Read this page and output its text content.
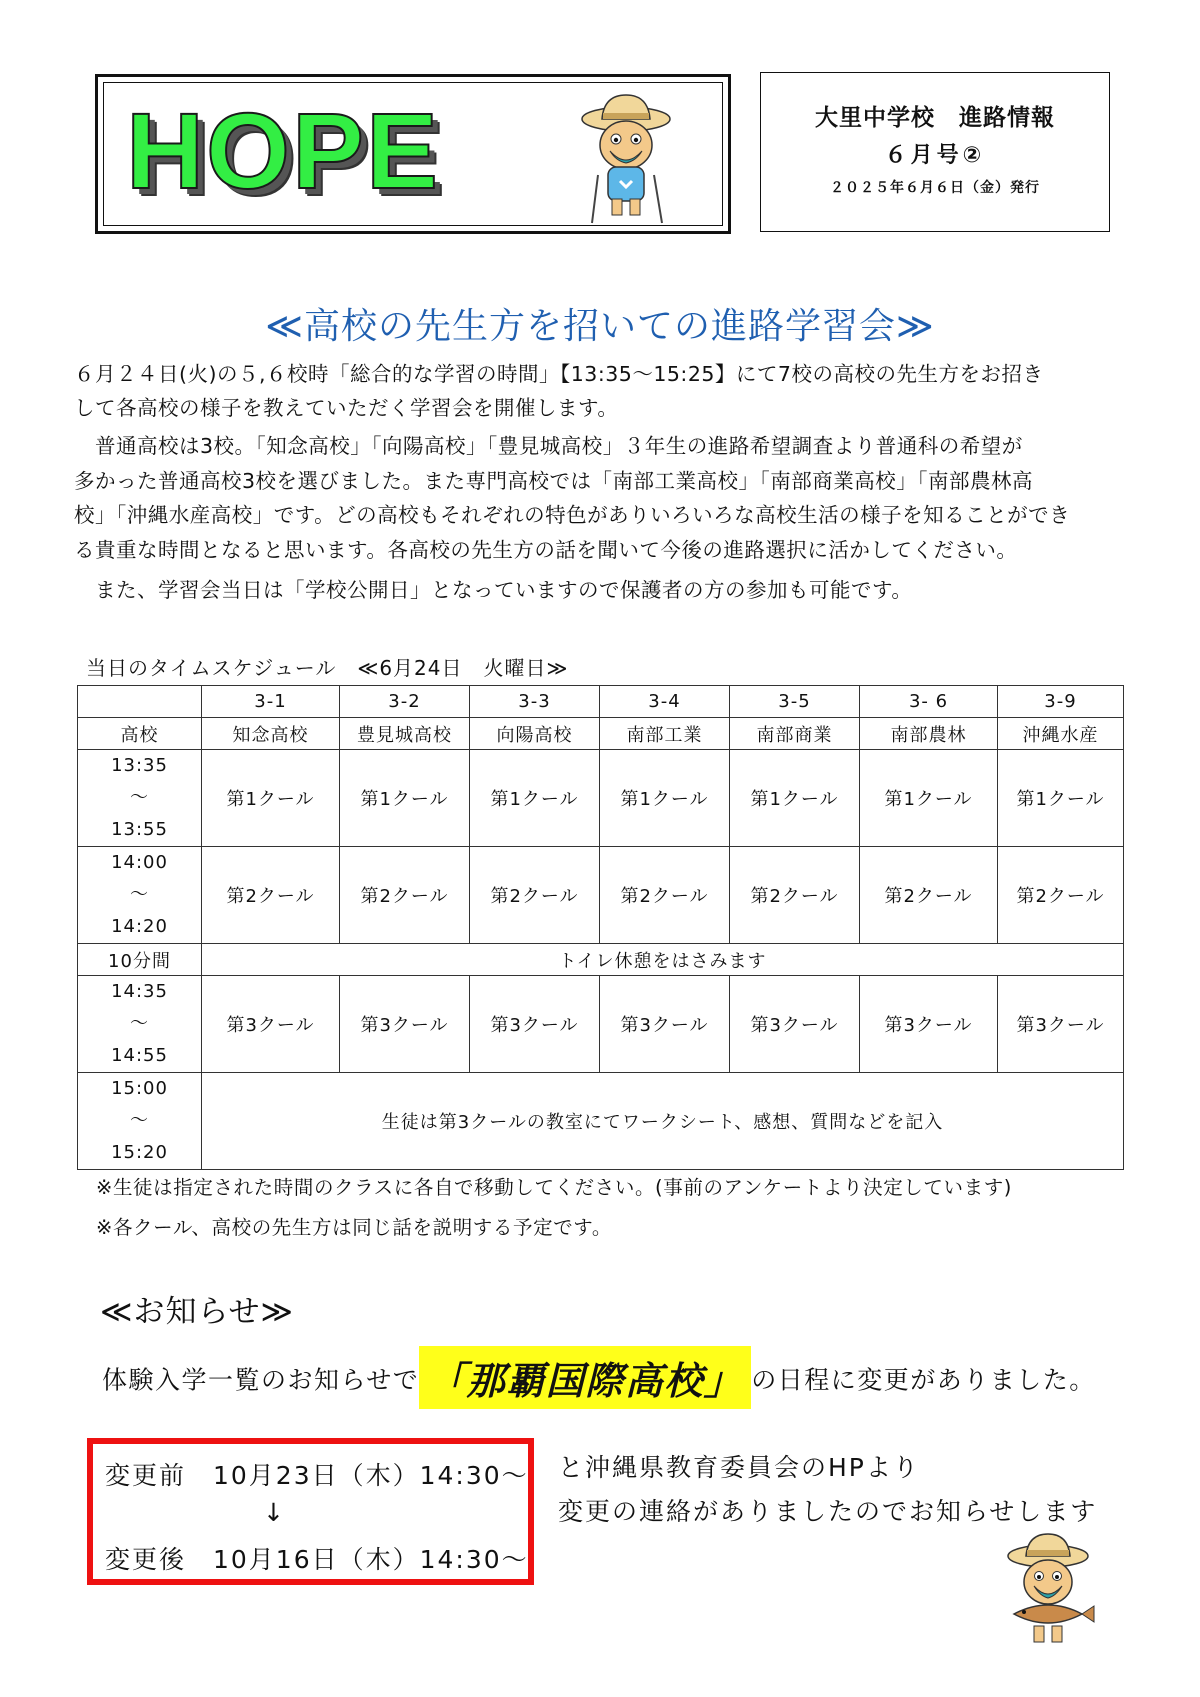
HOPE	大里中学校　進路情報
６月号②
２０２５年６月６日（金）発行
≪高校の先生方を招いての進路学習会≫
６月２４日(火)の５,６校時「総合的な学習の時間」【13:35～15:25】にて7校の高校の先生方をお招き
して各高校の様子を教えていただく学習会を開催します。
　普通高校は3校。「知念高校」「向陽高校」「豊見城高校」３年生の進路希望調査より普通科の希望が
多かった普通高校3校を選びました。また専門高校では「南部工業高校」「南部商業高校」「南部農林高
校」「沖縄水産高校」です。どの高校もそれぞれの特色がありいろいろな高校生活の様子を知ることができ
る貴重な時間となると思います。各高校の先生方の話を聞いて今後の進路選択に活かしてください。
　また、学習会当日は「学校公開日」となっていますので保護者の方の参加も可能です。
当日のタイムスケジュール　≪6月24日　火曜日≫
	3-1	3-2	3-3	3-4	3-5	3- 6	3-9
高校	知念高校	豊見城高校	向陽高校	南部工業	南部商業	南部農林	沖縄水産

13:35
～
13:55	第1クール	第1クール	第1クール	第1クール	第1クール	第1クール	第1クール

14:00
～
14:20	第2クール	第2クール	第2クール	第2クール	第2クール	第2クール	第2クール
10分間	トイレ休憩をはさみます						

14:35
～
14:55	第3クール	第3クール	第3クール	第3クール	第3クール	第3クール	第3クール

15:00
～
15:20	生徒は第3クールの教室にてワークシート、感想、質問などを記入						
※生徒は指定された時間のクラスに各自で移動してください。(事前のアンケートより決定しています)
※各クール、高校の先生方は同じ話を説明する予定です。
≪お知らせ≫
体験入学一覧のお知らせで 「那覇国際高校」 の日程に変更がありました。
変更前　10月23日（木）14:30～
↓
変更後　10月16日（木）14:30～
と沖縄県教育委員会のHPより
変更の連絡がありましたのでお知らせします
